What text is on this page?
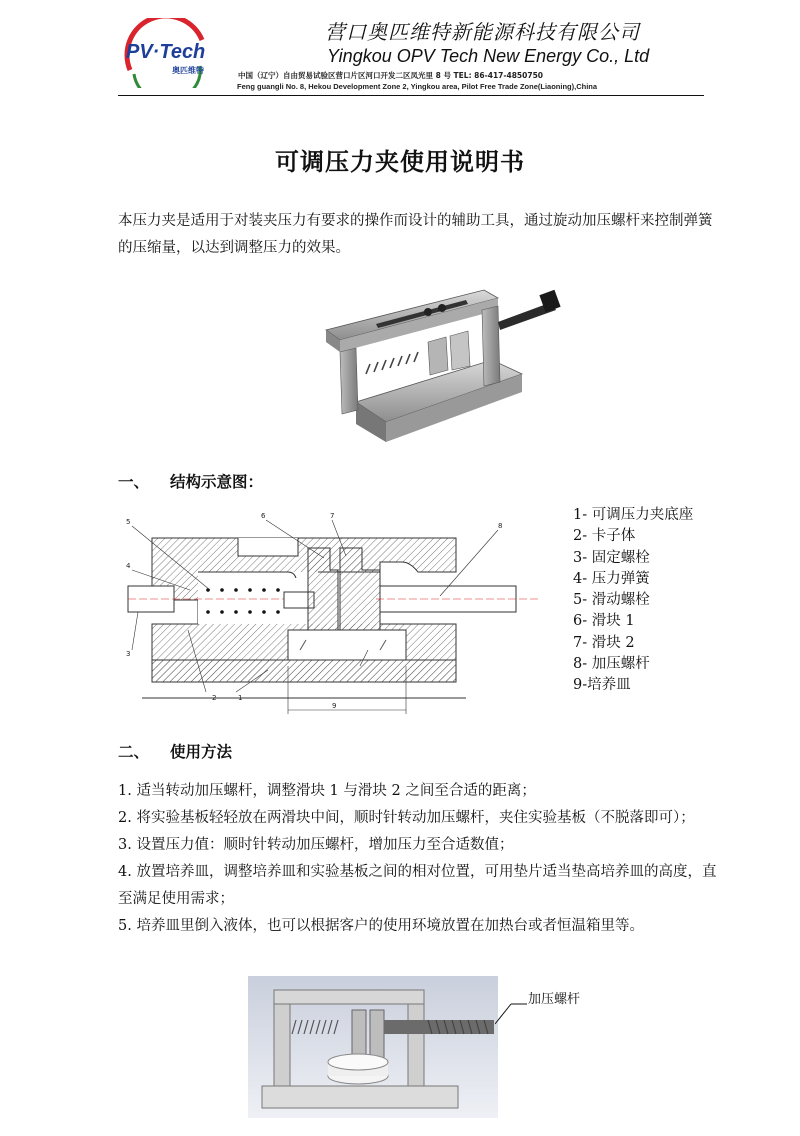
PV·Tech
奥匹维特
营口奥匹维特新能源科技有限公司
Yingkou OPV Tech New Energy Co., Ltd
中国（辽宁）自由贸易试验区营口片区河口开发二区凤光里 8 号 TEL: 86-417-4850750
Feng guangli No. 8, Hekou Development Zone 2, Yingkou area, Pilot Free Trade Zone(Liaoning),China
可调压力夹使用说明书
本压力夹是适用于对装夹压力有要求的操作而设计的辅助工具，通过旋动加压螺杆来控制弹簧的压缩量，以达到调整压力的效果。
一、 结构示意图：
5
4
3
6	7
8
2	1
9
1- 可调压力夹底座
2- 卡子体
3- 固定螺栓
4- 压力弹簧
5- 滑动螺栓
6- 滑块 1
7- 滑块 2
8- 加压螺杆
9-培养皿
二、 使用方法

1. 适当转动加压螺杆，调整滑块 1 与滑块 2 之间至合适的距离；

2. 将实验基板轻轻放在两滑块中间，顺时针转动加压螺杆，夹住实验基板（不脱落即可）；

3. 设置压力值：顺时针转动加压螺杆，增加压力至合适数值；

4. 放置培养皿，调整培养皿和实验基板之间的相对位置，可用垫片适当垫高培养皿的高度，直至满足使用需求；

5. 培养皿里倒入液体，也可以根据客户的使用环境放置在加热台或者恒温箱里等。

加压螺杆
